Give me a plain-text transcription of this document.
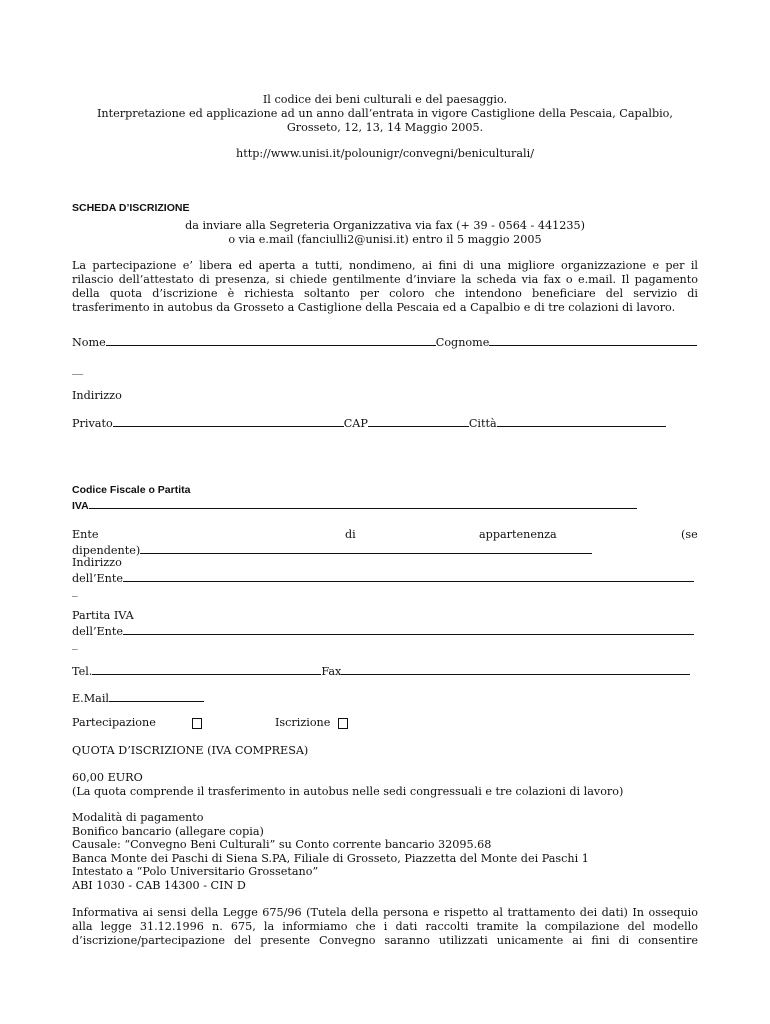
Il codice dei beni culturali e del paesaggio.
Interpretazione ed applicazione ad un anno dall’entrata in vigore Castiglione della Pescaia, Capalbio,
Grosseto, 12, 13, 14 Maggio 2005.
http://www.unisi.it/polounigr/convegni/beniculturali/
SCHEDA D’ISCRIZIONE
da inviare alla Segreteria Organizzativa via fax (+ 39 - 0564 - 441235)
o via e.mail (fanciulli2@unisi.it) entro il 5 maggio 2005
La partecipazione e’ libera ed aperta a tutti, nondimeno, ai fini di una migliore organizzazione e per il
rilascio dell’attestato di presenza, si chiede gentilmente d’inviare la scheda via fax o e.mail. Il pagamento
della quota d’iscrizione è richiesta soltanto per coloro che intendono beneficiare del servizio di
trasferimento in autobus da Grosseto a Castiglione della Pescaia ed a Capalbio e di tre colazioni di lavoro.
Nome	Cognome
__
Indirizzo
Privato	CAP	Città
Codice Fiscale o Partita
IVA
Ente	di	appartenenza	(se
dipendente)
Indirizzo
dell’Ente
_
Partita IVA
dell’Ente
_
Tel.	Fax
E.Mail
Partecipazione	Iscrizione
QUOTA D’ISCRIZIONE (IVA COMPRESA)
60,00 EURO
(La quota comprende il trasferimento in autobus nelle sedi congressuali e tre colazioni di lavoro)
Modalità di pagamento
Bonifico bancario (allegare copia)
Causale: “Convegno Beni Culturali” su Conto corrente bancario 32095.68
Banca Monte dei Paschi di Siena S.PA, Filiale di Grosseto, Piazzetta del Monte dei Paschi 1
Intestato a “Polo Universitario Grossetano”
ABI 1030 - CAB 14300 - CIN D
Informativa ai sensi della Legge 675/96 (Tutela della persona e rispetto al trattamento dei dati) In ossequio
alla legge 31.12.1996 n. 675, la informiamo che i dati raccolti tramite la compilazione del modello
d’iscrizione/partecipazione del presente Convegno saranno utilizzati unicamente ai fini di consentire
